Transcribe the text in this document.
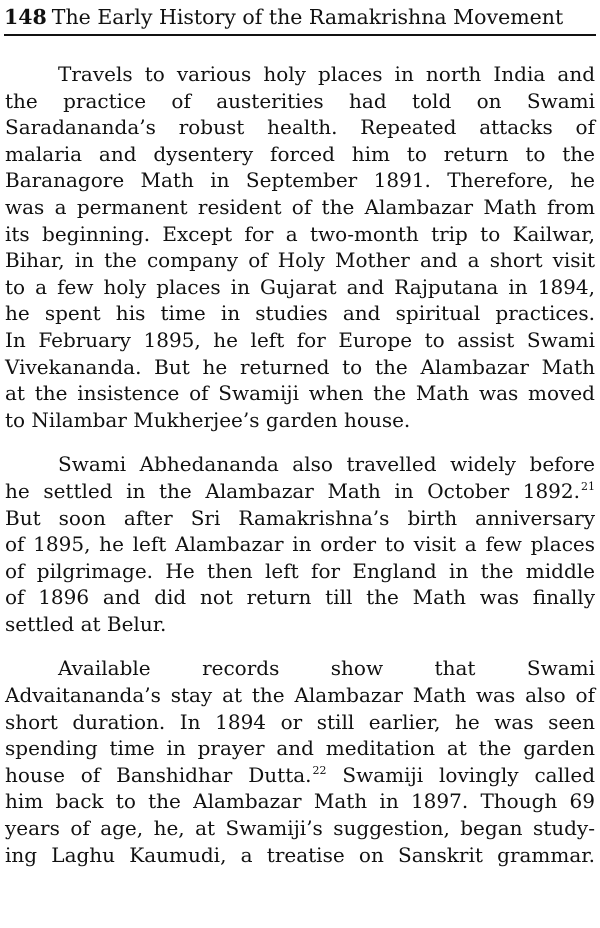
148 The Early History of the Ramakrishna Movement

Travels to various holy places in north India and
the practice of austerities had told on Swami
Saradananda’s robust health. Repeated attacks of
malaria and dysentery forced him to return to the
Baranagore Math in September 1891. Therefore, he
was a permanent resident of the Alambazar Math from
its beginning. Except for a two-month trip to Kailwar,
Bihar, in the company of Holy Mother and a short visit
to a few holy places in Gujarat and Rajputana in 1894,
he spent his time in studies and spiritual practices.
In February 1895, he left for Europe to assist Swami
Vivekananda. But he returned to the Alambazar Math
at the insistence of Swamiji when the Math was moved
to Nilambar Mukherjee’s garden house.

Swami Abhedananda also travelled widely before
he settled in the Alambazar Math in October 1892.21
But soon after Sri Ramakrishna’s birth anniversary
of 1895, he left Alambazar in order to visit a few places
of pilgrimage. He then left for England in the middle
of 1896 and did not return till the Math was finally
settled at Belur.

Available records show that Swami
Advaitananda’s stay at the Alambazar Math was also of
short duration. In 1894 or still earlier, he was seen
spending time in prayer and meditation at the garden
house of Banshidhar Dutta.$^{22}$ Swamiji lovingly called
him back to the Alambazar Math in 1897. Though 69
years of age, he, at Swamiji’s suggestion, began study-
ing Laghu Kaumudi, a treatise on Sanskrit grammar.
